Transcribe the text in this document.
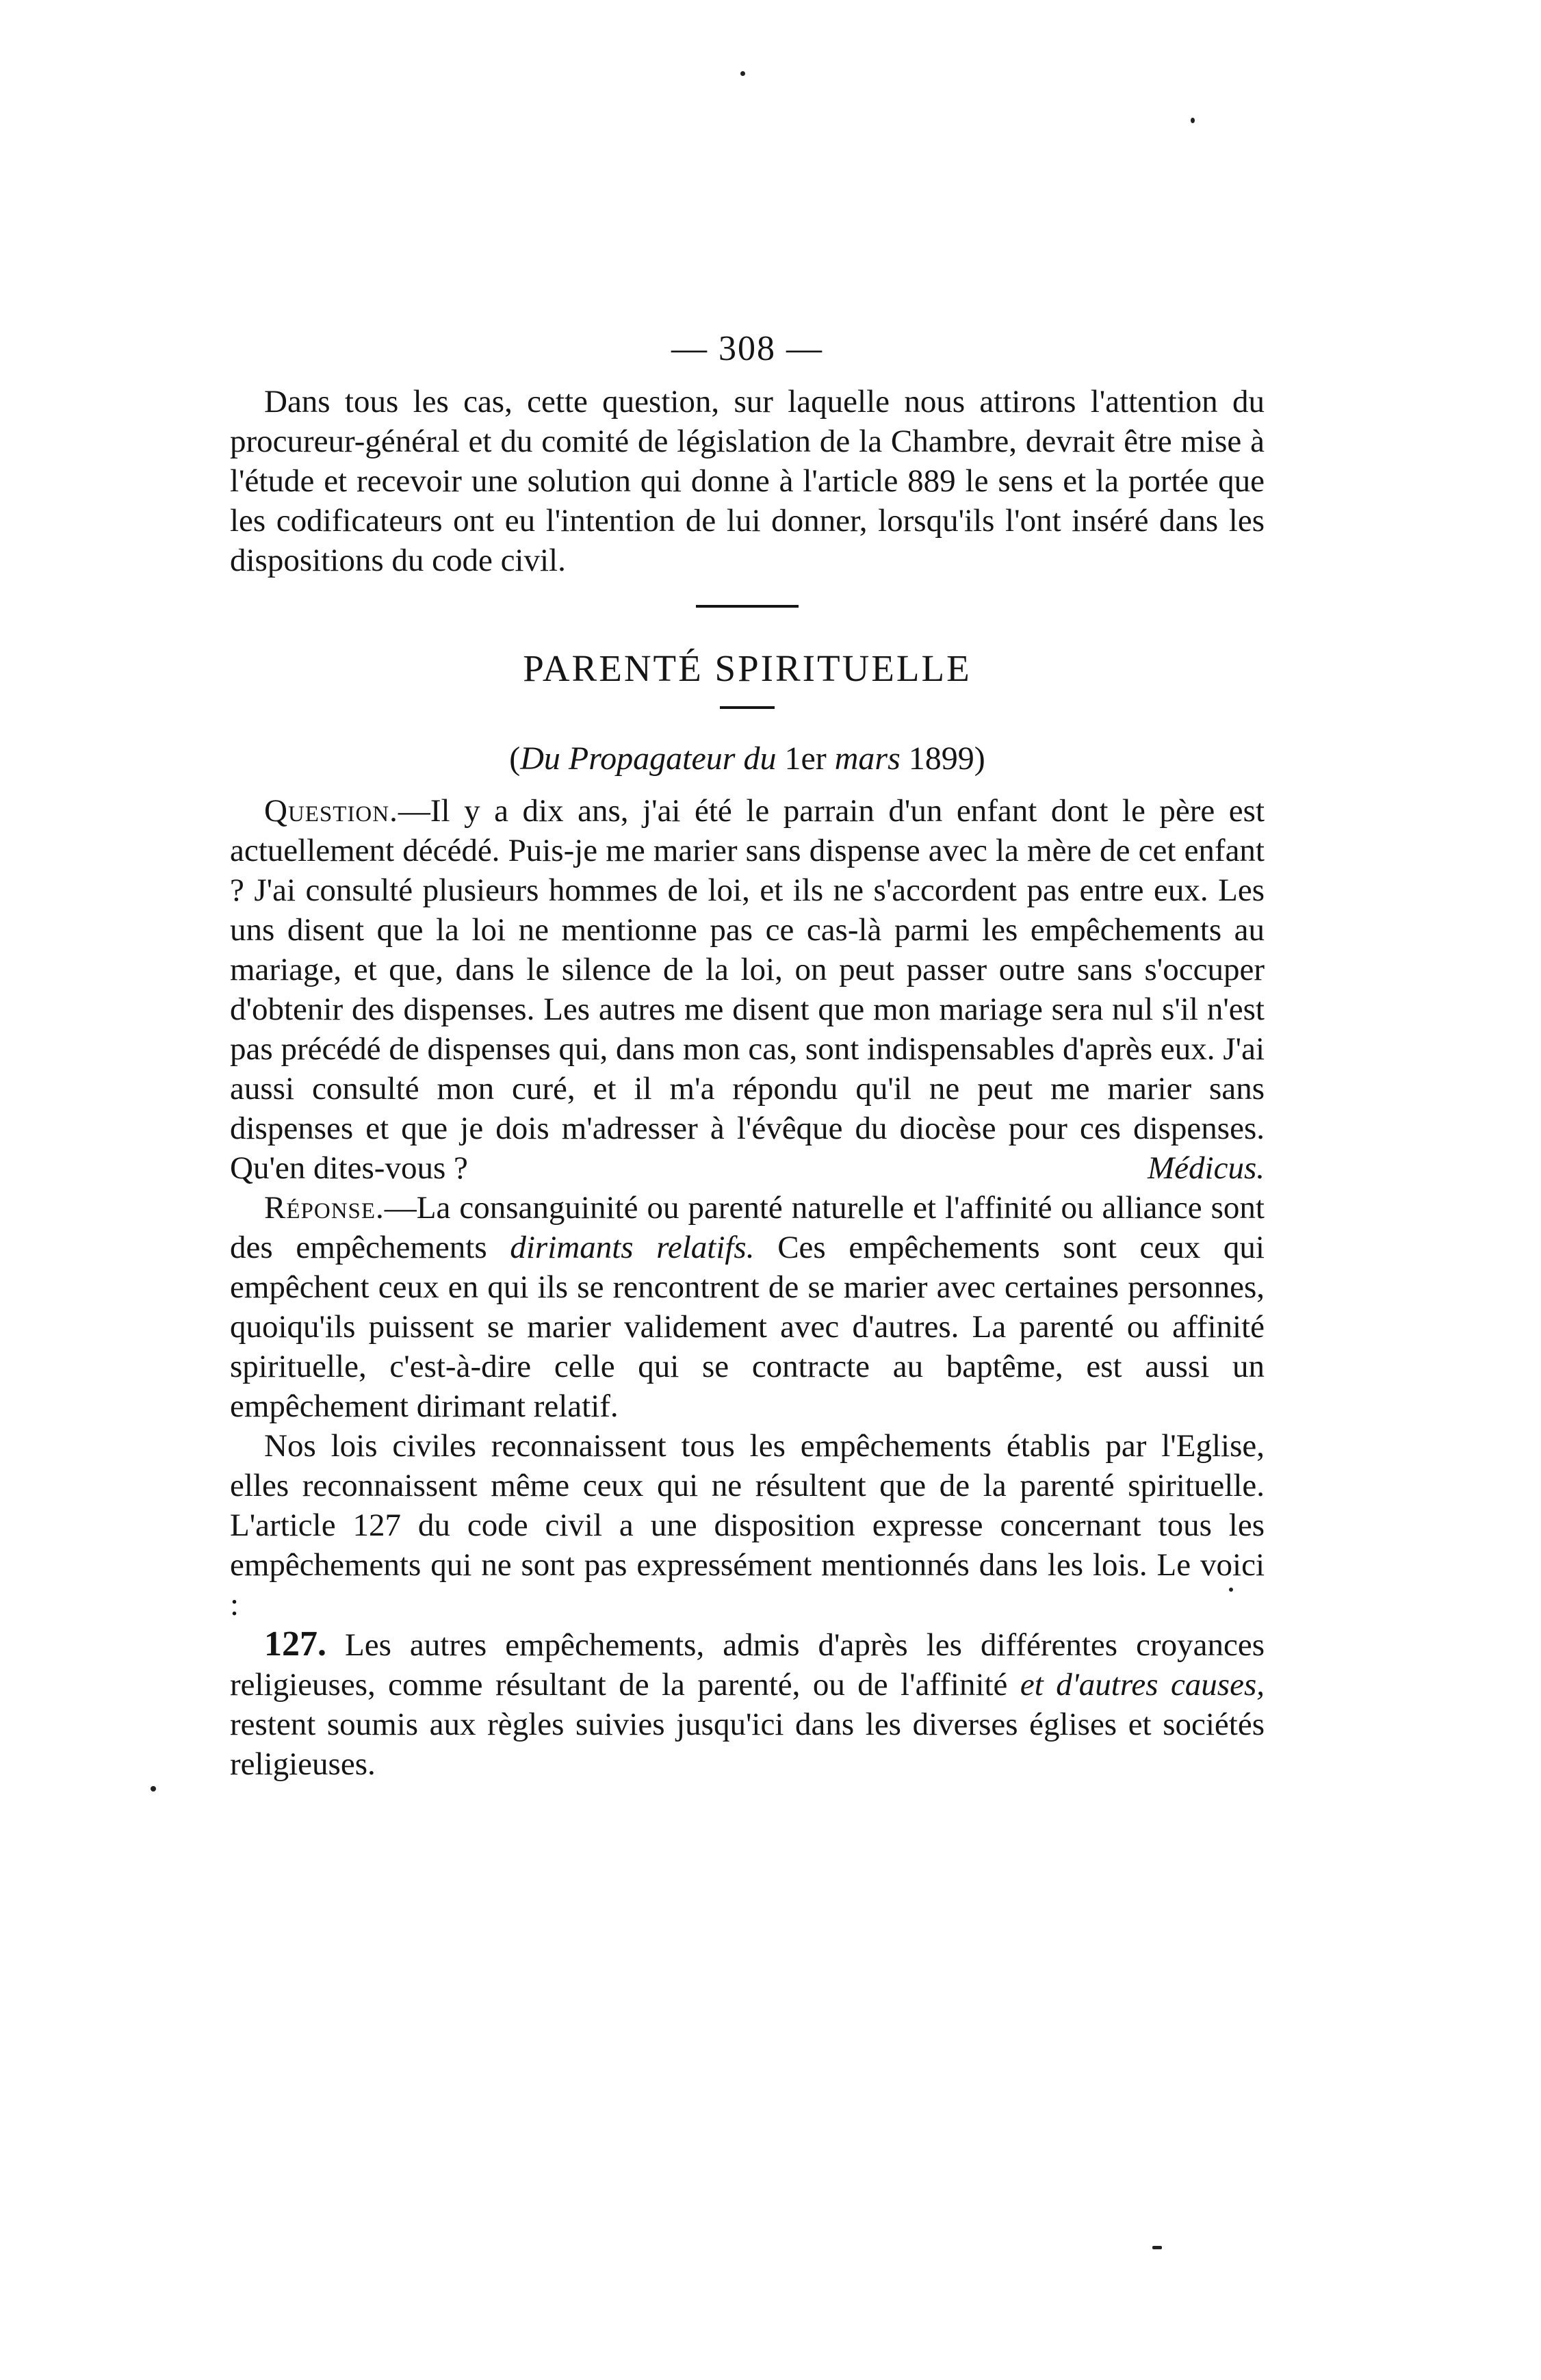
— 308 —

Dans tous les cas, cette question, sur laquelle nous attirons l'attention du procureur-général et du comité de législation de la Chambre, devrait être mise à l'étude et recevoir une solution qui donne à l'article 889 le sens et la portée que les codificateurs ont eu l'intention de lui donner, lorsqu'ils l'ont inséré dans les dispositions du code civil.

PARENTÉ SPIRITUELLE
(Du Propagateur du 1er mars 1899)

Question.—Il y a dix ans, j'ai été le parrain d'un enfant dont le père est actuellement décédé. Puis-je me marier sans dispense avec la mère de cet enfant ? J'ai consulté plusieurs hommes de loi, et ils ne s'accordent pas entre eux. Les uns disent que la loi ne mentionne pas ce cas-là parmi les empêchements au mariage, et que, dans le silence de la loi, on peut passer outre sans s'occuper d'obtenir des dispenses. Les autres me disent que mon mariage sera nul s'il n'est pas précédé de dispenses qui, dans mon cas, sont indispensables d'après eux. J'ai aussi consulté mon curé, et il m'a répondu qu'il ne peut me marier sans dispenses et que je dois m'adresser à l'évêque du diocèse pour ces dispenses. Qu'en dites-vous ?	Médicus.

Réponse.—La consanguinité ou parenté naturelle et l'affinité ou alliance sont des empêchements dirimants relatifs. Ces empêchements sont ceux qui empêchent ceux en qui ils se rencontrent de se marier avec certaines personnes, quoiqu'ils puissent se marier validement avec d'autres. La parenté ou affinité spirituelle, c'est-à-dire celle qui se contracte au baptême, est aussi un empêchement dirimant relatif.

Nos lois civiles reconnaissent tous les empêchements établis par l'Eglise, elles reconnaissent même ceux qui ne résultent que de la parenté spirituelle. L'article 127 du code civil a une disposition expresse concernant tous les empêchements qui ne sont pas expressément mentionnés dans les lois. Le voici :

127. Les autres empêchements, admis d'après les différentes croyances religieuses, comme résultant de la parenté, ou de l'affinité et d'autres causes, restent soumis aux règles suivies jusqu'ici dans les diverses églises et sociétés religieuses.
